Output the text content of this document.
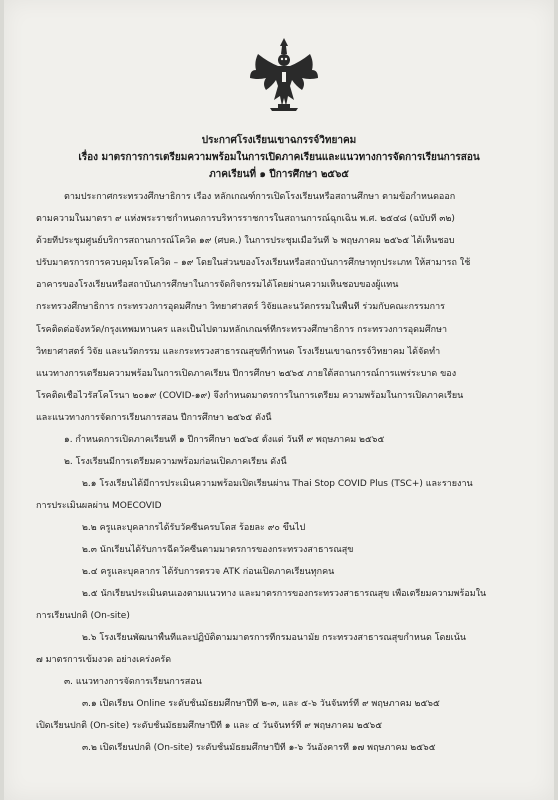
ประกาศโรงเรียนเขาฉกรรจ์วิทยาคม
เรื่อง มาตรการการเตรียมความพร้อมในการเปิดภาคเรียนและแนวทางการจัดการเรียนการสอน
ภาคเรียนที่ ๑ ปีการศึกษา ๒๕๖๕
ตามประกาศกระทรวงศึกษาธิการ เรื่อง หลักเกณฑ์การเปิดโรงเรียนหรือสถานศึกษา ตามข้อกำหนดออก
ตามความในมาตรา ๙ แห่งพระราชกำหนดการบริหารราชการในสถานการณ์ฉุกเฉิน พ.ศ. ๒๕๔๘ (ฉบับที่ ๓๒)
ด้วยที่ประชุมศูนย์บริการสถานการณ์โควิด ๑๙ (ศบค.) ในการประชุมเมื่อวันที่ ๖ พฤษภาคม ๒๕๖๕ ได้เห็นชอบ
ปรับมาตรการการควบคุมโรคโควิด – ๑๙ โดยในส่วนของโรงเรียนหรือสถาบันการศึกษาทุกประเภท ให้สามารถ ใช้
อาคารของโรงเรียนหรือสถาบันการศึกษาในการจัดกิจกรรมได้โดยผ่านความเห็นชอบของผู้แทน
กระทรวงศึกษาธิการ กระทรวงการอุดมศึกษา วิทยาศาสตร์ วิจัยและนวัตกรรมในพื้นที่ ร่วมกับคณะกรรมการ
โรคติดต่อจังหวัด/กรุงเทพมหานคร และเป็นไปตามหลักเกณฑ์ที่กระทรวงศึกษาธิการ กระทรวงการอุดมศึกษา
วิทยาศาสตร์ วิจัย และนวัตกรรม และกระทรวงสาธารณสุขที่กำหนด โรงเรียนเขาฉกรรจ์วิทยาคม ได้จัดทำ
แนวทางการเตรียมความพร้อมในการเปิดภาคเรียน ปีการศึกษา ๒๕๖๕ ภายใต้สถานการณ์การแพร่ระบาด ของ
โรคติดเชื้อไวรัสโคโรนา ๒๐๑๙ (COVID-๑๙) จึงกำหนดมาตรการในการเตรียม ความพร้อมในการเปิดภาคเรียน
และแนวทางการจัดการเรียนการสอน ปีการศึกษา ๒๕๖๕ ดังนี้
๑. กำหนดการเปิดภาคเรียนที่ ๑ ปีการศึกษา ๒๕๖๕ ตั้งแต่ วันที่ ๙ พฤษภาคม ๒๕๖๕
๒. โรงเรียนมีการเตรียมความพร้อมก่อนเปิดภาคเรียน ดังนี้
๒.๑ โรงเรียนได้มีการประเมินความพร้อมเปิดเรียนผ่าน Thai Stop COVID Plus (TSC+) และรายงาน
การประเมินผลผ่าน MOECOVID
๒.๒ ครูและบุคลากรได้รับวัคซีนครบโดส ร้อยละ ๙๐ ขึ้นไป
๒.๓ นักเรียนได้รับการฉีดวัคซีนตามมาตรการของกระทรวงสาธารณสุข
๒.๔ ครูและบุคลากร ได้รับการตรวจ ATK ก่อนเปิดภาคเรียนทุกคน
๒.๕ นักเรียนประเมินตนเองตามแนวทาง และมาตรการของกระทรวงสาธารณสุข เพื่อเตรียมความพร้อมใน
การเรียนปกติ (On-site)
๒.๖ โรงเรียนพัฒนาพื้นที่และปฏิบัติตามมาตรการที่กรมอนามัย กระทรวงสาธารณสุขกำหนด โดยเน้น
๗ มาตรการเข้มงวด อย่างเคร่งครัด
๓. แนวทางการจัดการเรียนการสอน
๓.๑ เปิดเรียน Online ระดับชั้นมัธยมศึกษาปีที่ ๒-๓, และ ๕-๖ วันจันทร์ที่ ๙ พฤษภาคม ๒๕๖๕
เปิดเรียนปกติ (On-site) ระดับชั้นมัธยมศึกษาปีที่ ๑ และ ๔ วันจันทร์ที่ ๙ พฤษภาคม ๒๕๖๕
๓.๒ เปิดเรียนปกติ (On-site) ระดับชั้นมัธยมศึกษาปีที่ ๑-๖ วันอังคารที่ ๑๗ พฤษภาคม ๒๕๖๕
